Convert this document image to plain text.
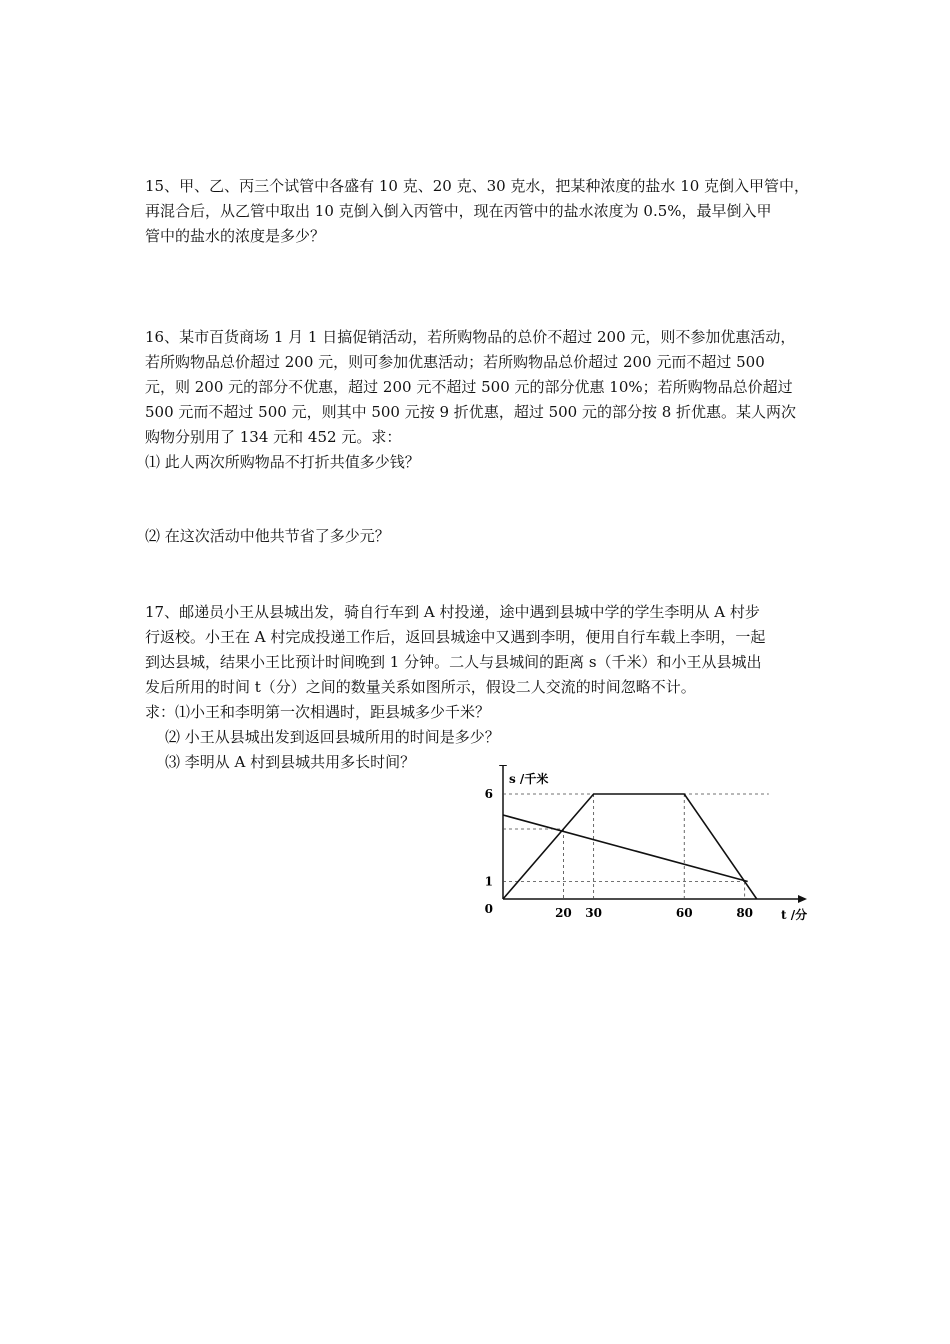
15、甲、乙、丙三个试管中各盛有 10 克、20 克、30 克水，把某种浓度的盐水 10 克倒入甲管中，
再混合后，从乙管中取出 10 克倒入倒入丙管中，现在丙管中的盐水浓度为 0.5%，最早倒入甲
管中的盐水的浓度是多少？
16、某市百货商场 1 月 1 日搞促销活动，若所购物品的总价不超过 200 元，则不参加优惠活动，
若所购物品总价超过 200 元，则可参加优惠活动；若所购物品总价超过 200 元而不超过 500
元，则 200 元的部分不优惠，超过 200 元不超过 500 元的部分优惠 10%；若所购物品总价超过
500 元而不超过 500 元，则其中 500 元按 9 折优惠，超过 500 元的部分按 8 折优惠。某人两次
购物分别用了 134 元和 452 元。求：
⑴ 此人两次所购物品不打折共值多少钱？
⑵ 在这次活动中他共节省了多少元？
17、邮递员小王从县城出发，骑自行车到 A 村投递，途中遇到县城中学的学生李明从 A 村步
行返校。小王在 A 村完成投递工作后，返回县城途中又遇到李明，便用自行车载上李明，一起
到达县城，结果小王比预计时间晚到 1 分钟。二人与县城间的距离 s（千米）和小王从县城出
发后所用的时间 t（分）之间的数量关系如图所示，假设二人交流的时间忽略不计。
求：⑴小王和李明第一次相遇时，距县城多少千米？
⑵ 小王从县城出发到返回县城所用的时间是多少？
⑶ 李明从 A 村到县城共用多长时间？
20 30	60	80
6
1
0
s /千米
t /分
